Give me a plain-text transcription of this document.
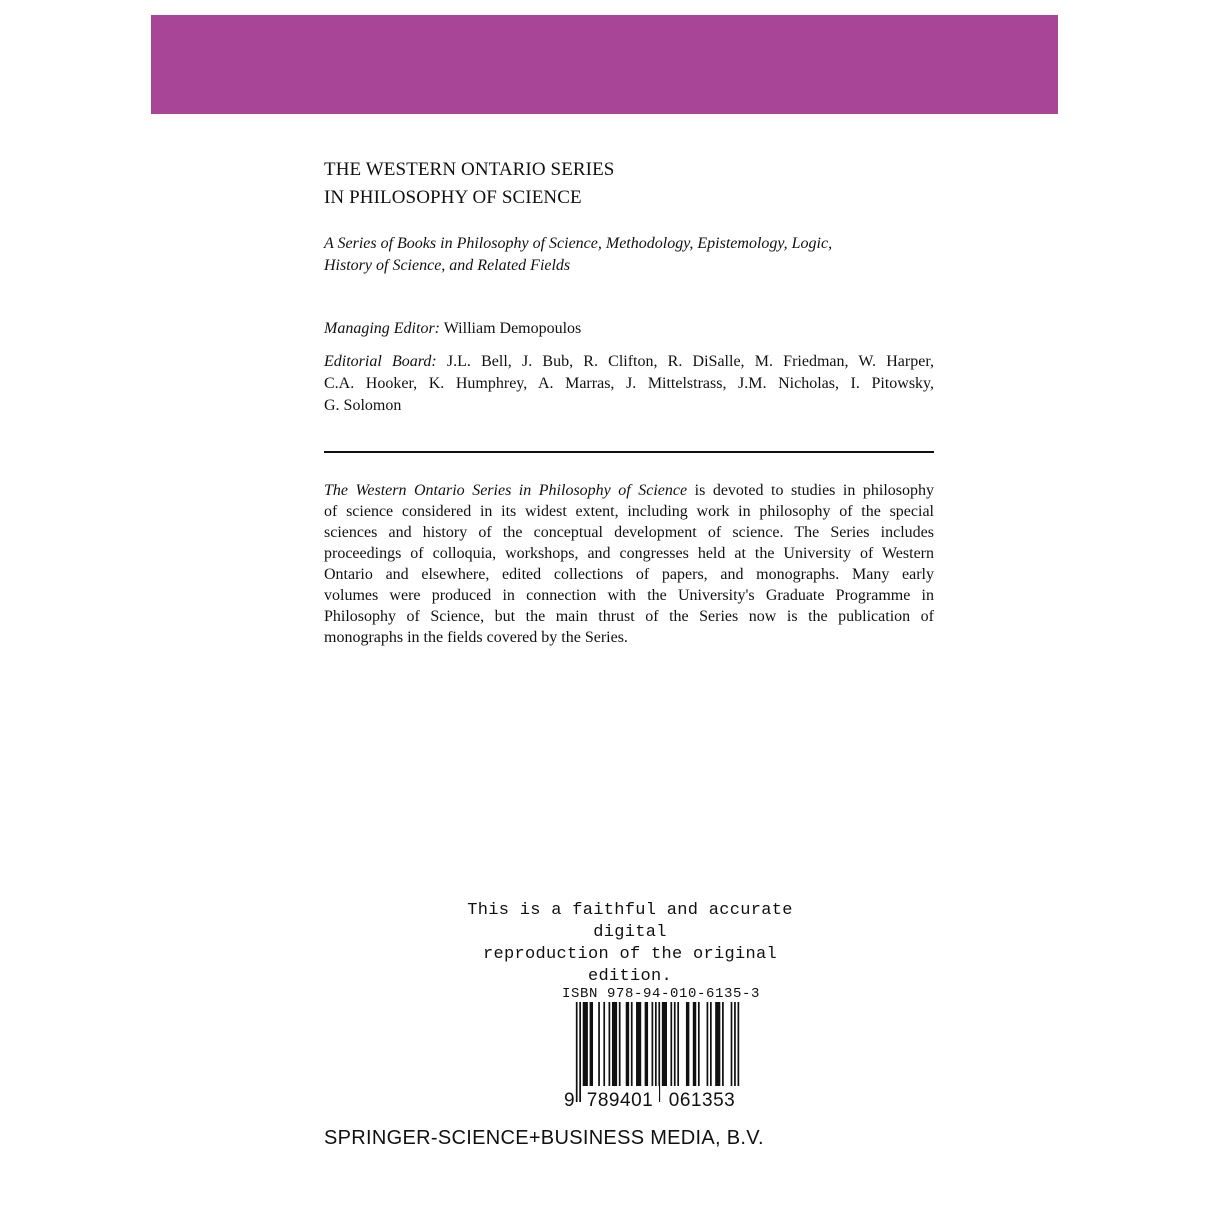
THE WESTERN ONTARIO SERIES
IN PHILOSOPHY OF SCIENCE
A Series of Books in Philosophy of Science, Methodology, Epistemology, Logic,
History of Science, and Related Fields
Managing Editor: William Demopoulos
Editorial Board: J.L. Bell, J. Bub, R. Clifton, R. DiSalle, M. Friedman, W. Harper,
C.A. Hooker, K. Humphrey, A. Marras, J. Mittelstrass, J.M. Nicholas, I. Pitowsky,
G. Solomon
The Western Ontario Series in Philosophy of Science is devoted to studies in philosophy
of science considered in its widest extent, including work in philosophy of the special
sciences and history of the conceptual development of science. The Series includes
proceedings of colloquia, workshops, and congresses held at the University of Western
Ontario and elsewhere, edited collections of papers, and monographs. Many early
volumes were produced in connection with the University's Graduate Programme in
Philosophy of Science, but the main thrust of the Series now is the publication of
monographs in the fields covered by the Series.
This is a faithful and accurate digital
reproduction of the original edition.
ISBN 978-94-010-6135-3
9 789401 061353
SPRINGER-SCIENCE+BUSINESS MEDIA, B.V.
